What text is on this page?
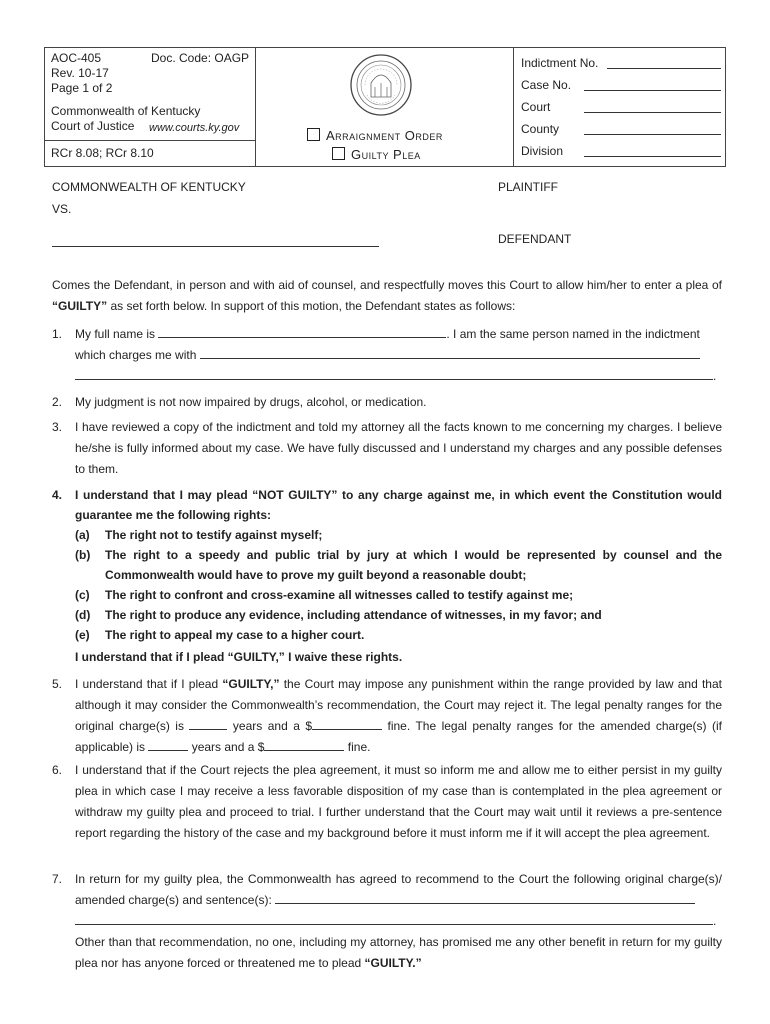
AOC-405	Doc. Code: OAGP
Rev. 10-17
Page 1 of 2
Commonwealth of Kentucky
Court of Justice www.courts.ky.gov
RCr 8.08; RCr 8.10
Arraignment Order
Guilty Plea
Indictment No.
Case No.
Court
County
Division
COMMONWEALTH OF KENTUCKY	PLAINTIFF
VS.
DEFENDANT
Comes the Defendant, in person and with aid of counsel, and respectfully moves this Court to allow him/her to enter a plea of “GUILTY” as set forth below. In support of this motion, the Defendant states as follows:
1. My full name is	. I am the same person named in the indictment
which charges me with
.
2. My judgment is not now impaired by drugs, alcohol, or medication.
3. I have reviewed a copy of the indictment and told my attorney all the facts known to me concerning my charges. I believe he/she is fully informed about my case. We have fully discussed and I understand my charges and any possible defenses to them.
4. I understand that I may plead “NOT GUILTY” to any charge against me, in which event the Constitution would guarantee me the following rights:
(a) The right not to testify against myself;
(b) The right to a speedy and public trial by jury at which I would be represented by counsel and the Commonwealth would have to prove my guilt beyond a reasonable doubt;
(c) The right to confront and cross-examine all witnesses called to testify against me;
(d) The right to produce any evidence, including attendance of witnesses, in my favor; and
(e) The right to appeal my case to a higher court.
I understand that if I plead “GUILTY,” I waive these rights.
5. I understand that if I plead “GUILTY,” the Court may impose any punishment within the range provided by law and that although it may consider the Commonwealth’s recommendation, the Court may reject it. The legal penalty ranges for the original charge(s) is	years and a $	fine. The legal penalty ranges for the amended charge(s) (if applicable) is	years and a $	fine.
6. I understand that if the Court rejects the plea agreement, it must so inform me and allow me to either persist in my guilty plea in which case I may receive a less favorable disposition of my case than is contemplated in the plea agreement or withdraw my guilty plea and proceed to trial. I further understand that the Court may wait until it reviews a pre-sentence report regarding the history of the case and my background before it must inform me if it will accept the plea agreement.
7. In return for my guilty plea, the Commonwealth has agreed to recommend to the Court the following original charge(s)/ amended charge(s) and sentence(s):
.
Other than that recommendation, no one, including my attorney, has promised me any other benefit in return for my guilty plea nor has anyone forced or threatened me to plead “GUILTY.”
